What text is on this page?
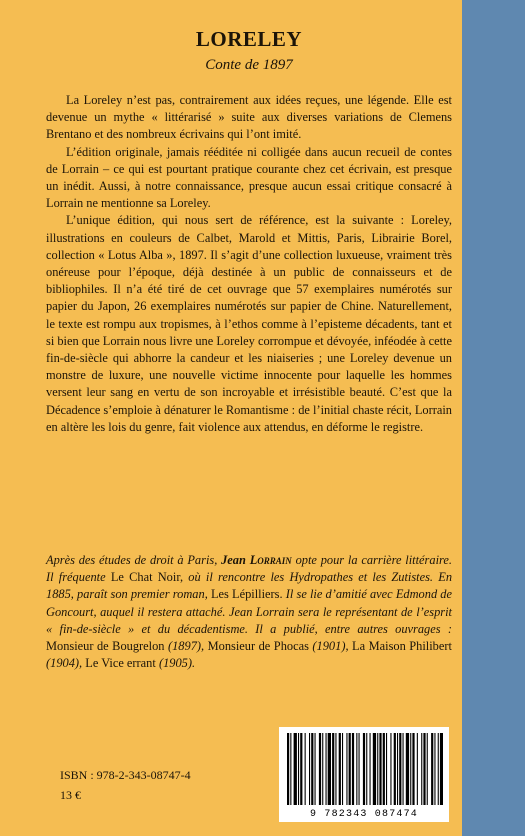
LORELEY
Conte de 1897

La Loreley n’est pas, contrairement aux idées reçues, une légende. Elle est devenue un mythe « littérarisé » suite aux diverses variations de Clemens Brentano et des nombreux écrivains qui l’ont imité.

L’édition originale, jamais rééditée ni colligée dans aucun recueil de contes de Lorrain – ce qui est pourtant pratique courante chez cet écrivain, est presque un inédit. Aussi, à notre connaissance, presque aucun essai critique consacré à Lorrain ne mentionne sa Loreley.

L’unique édition, qui nous sert de référence, est la suivante : Loreley, illustrations en couleurs de Calbet, Marold et Mittis, Paris, Librairie Borel, collection « Lotus Alba », 1897. Il s’agit d’une collection luxueuse, vraiment très onéreuse pour l’époque, déjà destinée à un public de connaisseurs et de bibliophiles. Il n’a été tiré de cet ouvrage que 57 exemplaires numérotés sur papier du Japon, 26 exemplaires numérotés sur papier de Chine. Naturellement, le texte est rompu aux tropismes, à l’ethos comme à l’episteme décadents, tant et si bien que Lorrain nous livre une Loreley corrompue et dévoyée, inféodée à cette fin-de-siècle qui abhorre la candeur et les niaiseries ; une Loreley devenue un monstre de luxure, une nouvelle victime innocente pour laquelle les hommes versent leur sang en vertu de son incroyable et irrésistible beauté. C’est que la Décadence s’emploie à dénaturer le Romantisme : de l’initial chaste récit, Lorrain en altère les lois du genre, fait violence aux attendus, en déforme le registre.

Après des études de droit à Paris, Jean Lorrain opte pour la carrière littéraire. Il fréquente Le Chat Noir, où il rencontre les Hydropathes et les Zutistes. En 1885, paraît son premier roman, Les Lépilliers. Il se lie d’amitié avec Edmond de Goncourt, auquel il restera attaché. Jean Lorrain sera le représentant de l’esprit « fin-de-siècle » et du décadentisme. Il a publié, entre autres ouvrages : Monsieur de Bougrelon (1897), Monsieur de Phocas (1901), La Maison Philibert (1904), Le Vice errant (1905).

ISBN : 978-2-343-08747-4
13 €
9 782343 087474
